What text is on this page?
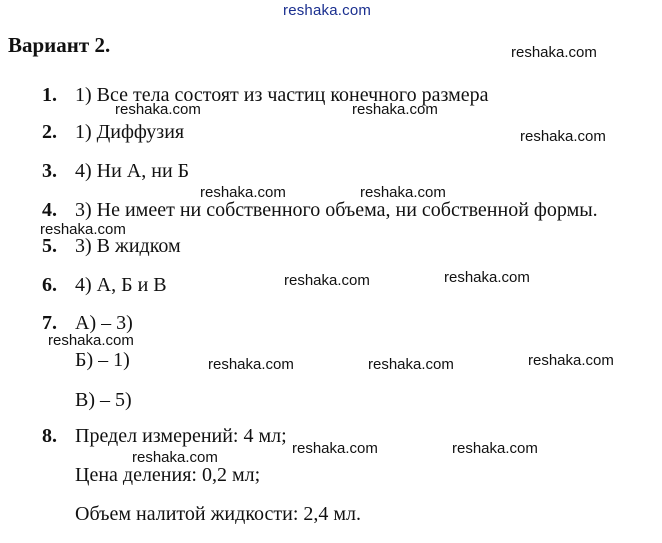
reshaka.com
Вариант 2.
1. 1) Все тела состоят из частиц конечного размера
2. 1) Диффузия
3. 4) Ни А, ни Б
4. 3) Не имеет ни собственного объема, ни собственной формы.
5. 3) В жидком
6. 4) А, Б и В
7. А) – 3)
Б) – 1)
В) – 5)
8. Предел измерений: 4 мл;
Цена деления: 0,2 мл;
Объем налитой жидкости: 2,4 мл.
reshaka.com
reshaka.com	reshaka.com
reshaka.com
reshaka.com	reshaka.com
reshaka.com
reshaka.com
reshaka.com
reshaka.com
reshaka.com
reshaka.com	reshaka.com
reshaka.com	reshaka.com
reshaka.com
